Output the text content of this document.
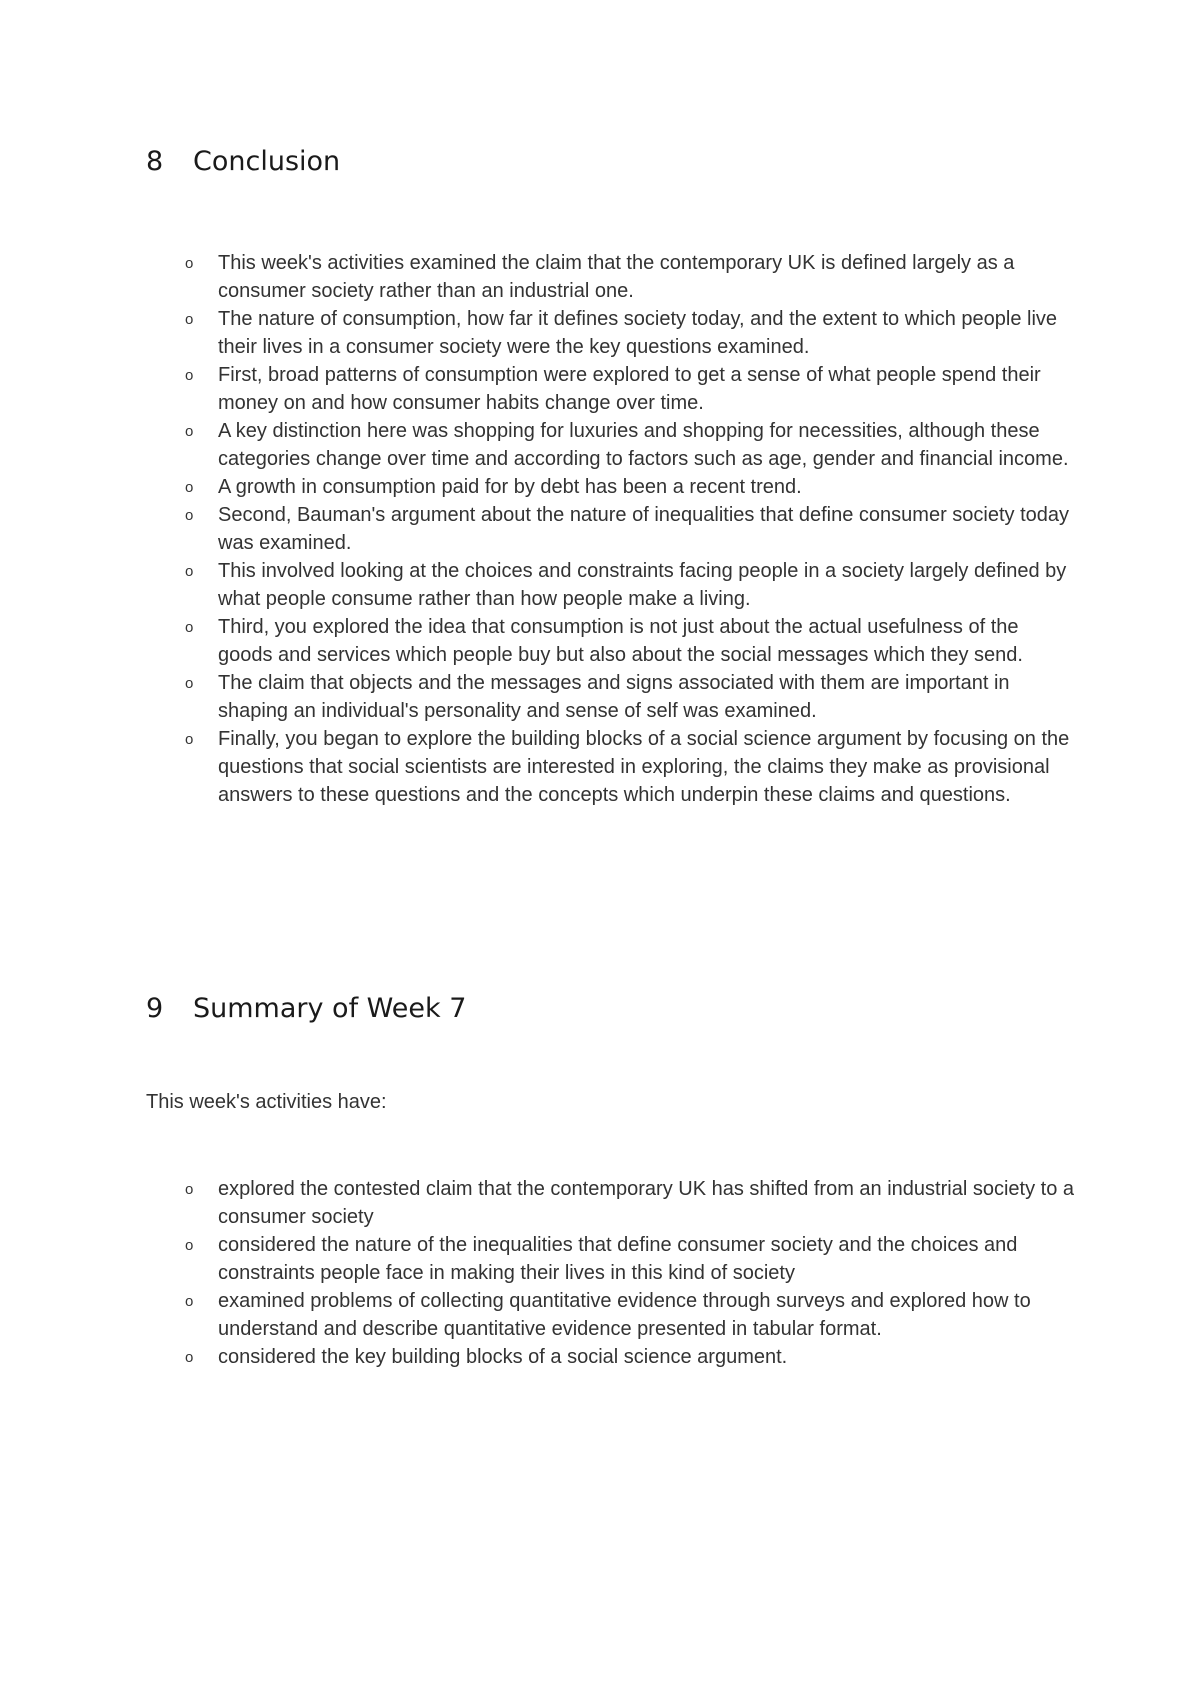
8 Conclusion
o This week's activities examined the claim that the contemporary UK is defined largely as a consumer society rather than an industrial one.
o The nature of consumption, how far it defines society today, and the extent to which people live their lives in a consumer society were the key questions examined.
o First, broad patterns of consumption were explored to get a sense of what people spend their money on and how consumer habits change over time.
o A key distinction here was shopping for luxuries and shopping for necessities, although these categories change over time and according to factors such as age, gender and financial income.
o A growth in consumption paid for by debt has been a recent trend.
o Second, Bauman's argument about the nature of inequalities that define consumer society today was examined.
o This involved looking at the choices and constraints facing people in a society largely defined by what people consume rather than how people make a living.
o Third, you explored the idea that consumption is not just about the actual usefulness of the goods and services which people buy but also about the social messages which they send.
o The claim that objects and the messages and signs associated with them are important in shaping an individual's personality and sense of self was examined.
o Finally, you began to explore the building blocks of a social science argument by focusing on the questions that social scientists are interested in exploring, the claims they make as provisional answers to these questions and the concepts which underpin these claims and questions.
9 Summary of Week 7

This week's activities have:

o explored the contested claim that the contemporary UK has shifted from an industrial society to a consumer society
o considered the nature of the inequalities that define consumer society and the choices and constraints people face in making their lives in this kind of society
o examined problems of collecting quantitative evidence through surveys and explored how to understand and describe quantitative evidence presented in tabular format.
o considered the key building blocks of a social science argument.
